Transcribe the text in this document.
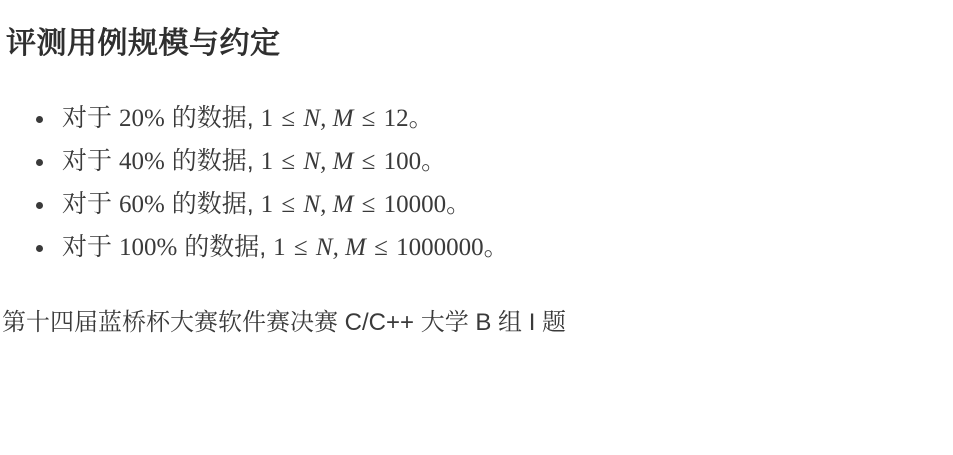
评测用例规模与约定
对于 20% 的数据, 1 ≤ N, M ≤ 12。
对于 40% 的数据, 1 ≤ N, M ≤ 100。
对于 60% 的数据, 1 ≤ N, M ≤ 10000。
对于 100% 的数据, 1 ≤ N, M ≤ 1000000。
第十四届蓝桥杯大赛软件赛决赛 C/C++ 大学 B 组 I 题
